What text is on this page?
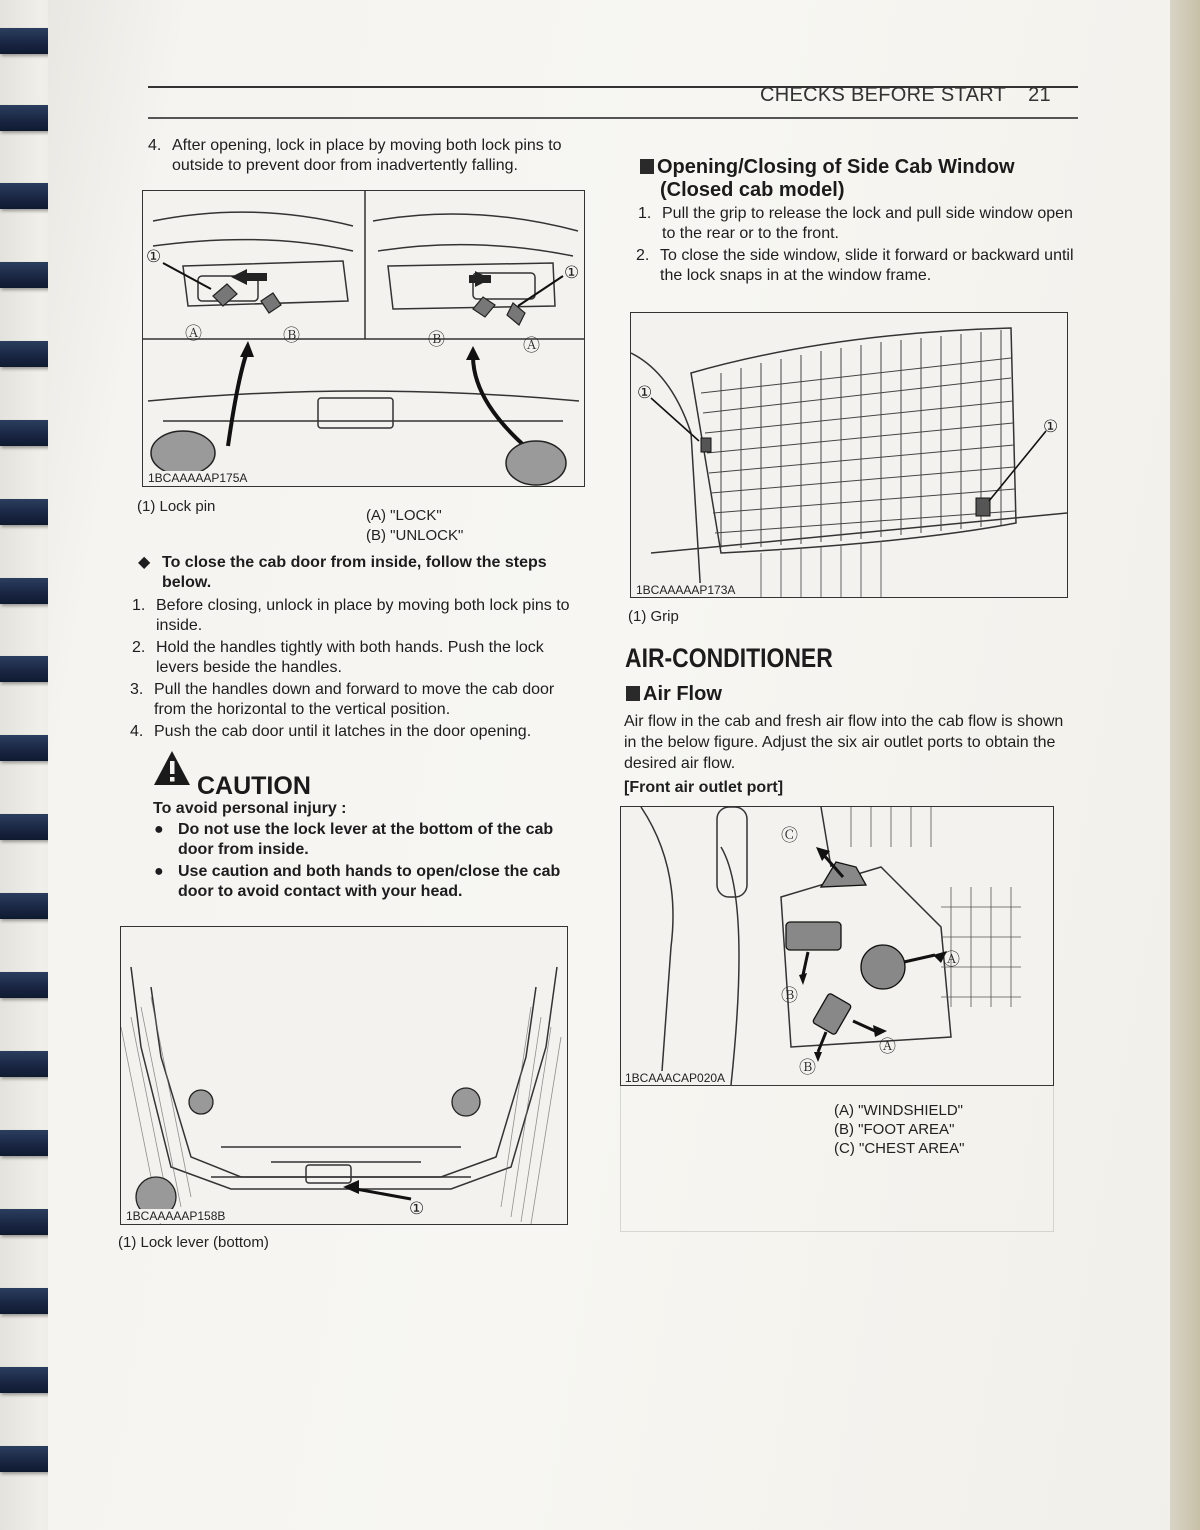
CHECKS BEFORE START 21
4. After opening, lock in place by moving both lock pins to outside to prevent door from inadvertently falling.
①
①
Ⓐ	Ⓑ	Ⓑ	Ⓐ
1BCAAAAAP175A
(1) Lock pin
(A) "LOCK"
(B) "UNLOCK"
◆ To close the cab door from inside, follow the steps below.
1. Before closing, unlock in place by moving both lock pins to inside.
2. Hold the handles tightly with both hands. Push the lock levers beside the handles.
3. Pull the handles down and forward to move the cab door from the horizontal to the vertical position.
4. Push the cab door until it latches in the door opening.
CAUTION
To avoid personal injury :
● Do not use the lock lever at the bottom of the cab door from inside.
● Use caution and both hands to open/close the cab door to avoid contact with your head.
①
1BCAAAAAP158B
(1) Lock lever (bottom)
Opening/Closing of Side Cab Window
(Closed cab model)
1. Pull the grip to release the lock and pull side window open to the rear or to the front.
2. To close the side window, slide it forward or backward until the lock snaps in at the window frame.
①
①
1BCAAAAAP173A
(1) Grip
AIR-CONDITIONER
Air Flow
Air flow in the cab and fresh air flow into the cab flow is shown in the below figure. Adjust the six air outlet ports to obtain the desired air flow.
[Front air outlet port]
Ⓒ
Ⓐ
Ⓑ
Ⓐ
Ⓑ
1BCAAACAP020A
(A) "WINDSHIELD"
(B) "FOOT AREA"
(C) "CHEST AREA"
